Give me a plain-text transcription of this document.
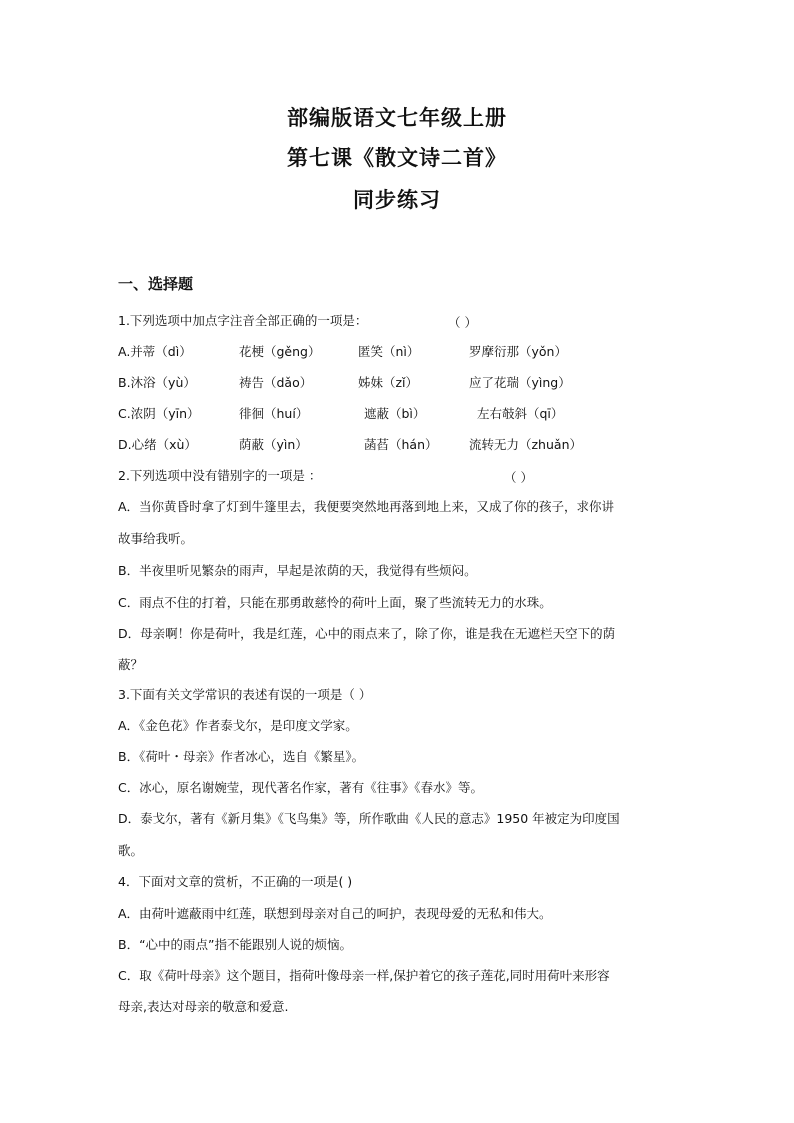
部编版语文七年级上册
第七课《散文诗二首》
同步练习
一、选择题
1.下列选项中加点字注音全部正确的一项是：	（ ）
A.并蒂（dì）	花梗（gěng）	匿笑（nì）	罗摩衍那（yǒn）
B.沐浴（yù）	祷告（dǎo）	姊妹（zǐ）	应了花瑞（yìng）
C.浓阴（yīn）	徘徊（huí）	遮蔽（bì）	左右攲斜（qī）
D.心绪（xù）	荫蔽（yìn）	菡萏（hán）	流转无力（zhuǎn）
2.下列选项中没有错别字的一项是 ：	（ ）
A．当你黄昏时拿了灯到牛篷里去，我便要突然地再落到地上来，又成了你的孩子，求你讲
故事给我听。
B．半夜里听见繁杂的雨声，早起是浓荫的天，我觉得有些烦闷。
C．雨点不住的打着，只能在那勇敢慈怜的荷叶上面，聚了些流转无力的水珠。
D．母亲啊！你是荷叶，我是红莲，心中的雨点来了，除了你，谁是我在无遮栏天空下的荫
蔽？
3.下面有关文学常识的表述有误的一项是（ ）
A．《金色花》作者泰戈尔，是印度文学家。
B．《荷叶・母亲》作者冰心，选自《繁星》。
C．冰心，原名谢婉莹，现代著名作家，著有《往事》《春水》等。
D．泰戈尔，著有《新月集》《飞鸟集》等，所作歌曲《人民的意志》1950 年被定为印度国
歌。
4．下面对文章的赏析，不正确的一项是( )
A．由荷叶遮蔽雨中红莲，联想到母亲对自己的呵护，表现母爱的无私和伟大。
B．“心中的雨点”指不能跟别人说的烦恼。
C．取《荷叶母亲》这个题目，指荷叶像母亲一样,保护着它的孩子莲花,同时用荷叶来形容
母亲,表达对母亲的敬意和爱意.
